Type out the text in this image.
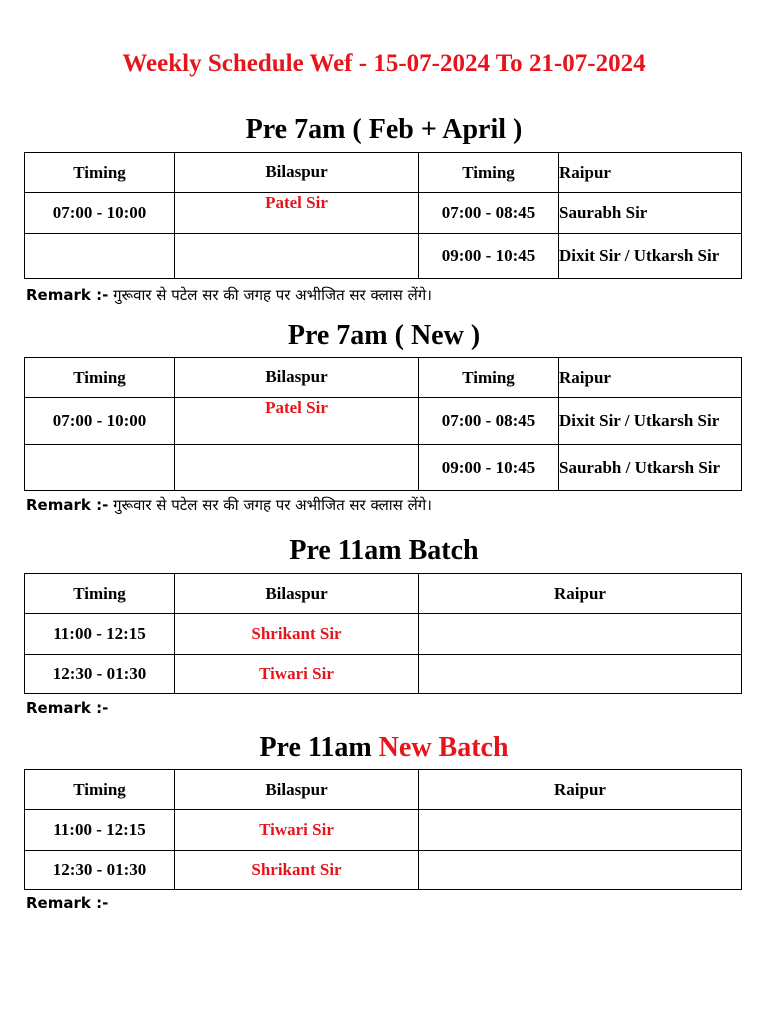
Weekly Schedule Wef - 15-07-2024 To 21-07-2024
Pre 7am ( Feb + April )
Timing	Bilaspur	Timing	Raipur
07:00 - 10:00	Patel Sir	07:00 - 08:45	Saurabh Sir
		09:00 - 10:45	Dixit Sir / Utkarsh Sir
Remark :- गुरूवार से पटेल सर की जगह पर अभीजित सर क्लास लेंगे।
Pre 7am ( New )
Timing	Bilaspur	Timing	Raipur
07:00 - 10:00	Patel Sir	07:00 - 08:45	Dixit Sir / Utkarsh Sir
		09:00 - 10:45	Saurabh / Utkarsh Sir
Remark :- गुरूवार से पटेल सर की जगह पर अभीजित सर क्लास लेंगे।
Pre 11am Batch
Timing	Bilaspur	Raipur
11:00 - 12:15	Shrikant Sir	
12:30 - 01:30	Tiwari Sir	
Remark :-
Pre 11am New Batch
Timing	Bilaspur	Raipur
11:00 - 12:15	Tiwari Sir	
12:30 - 01:30	Shrikant Sir	
Remark :-
